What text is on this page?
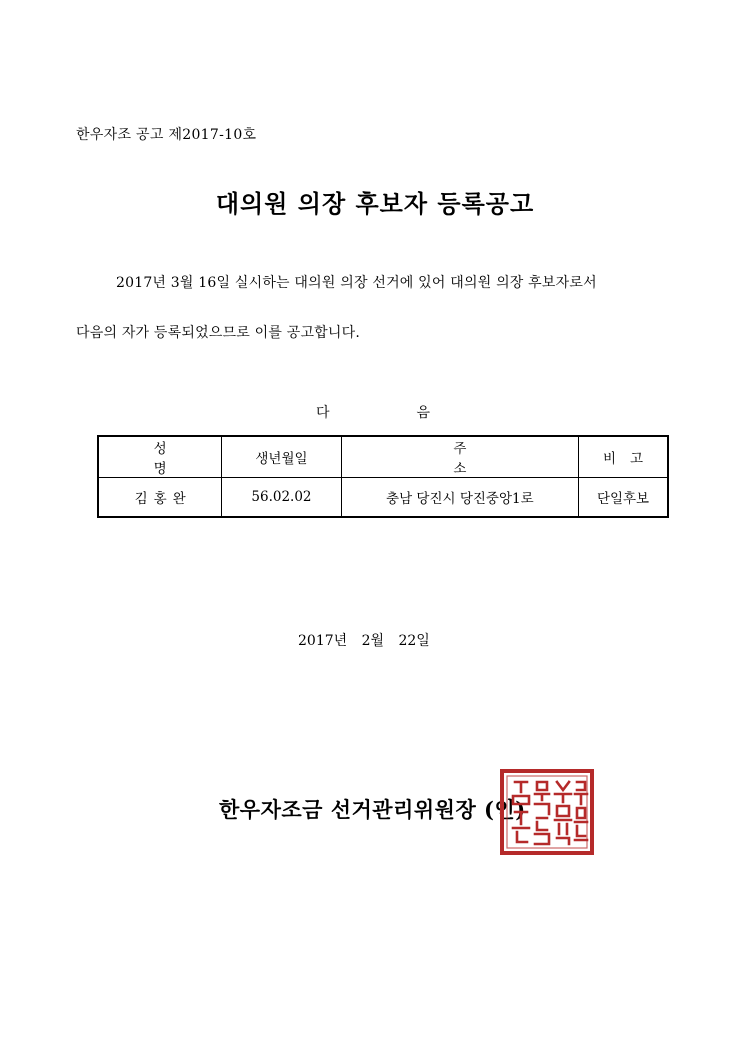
한우자조 공고 제2017-10호
대의원 의장 후보자 등록공고
2017년 3월 16일 실시하는 대의원 의장 선거에 있어 대의원 의장 후보자로서
다음의 자가 등록되었으므로 이를 공고합니다.
다	음
성명	생년월일	주소	비고
김홍완	56.02.02	충남 당진시 당진중앙1로	단일후보
2017년 2월 22일
한우자조금 선거관리위원장 (인)
